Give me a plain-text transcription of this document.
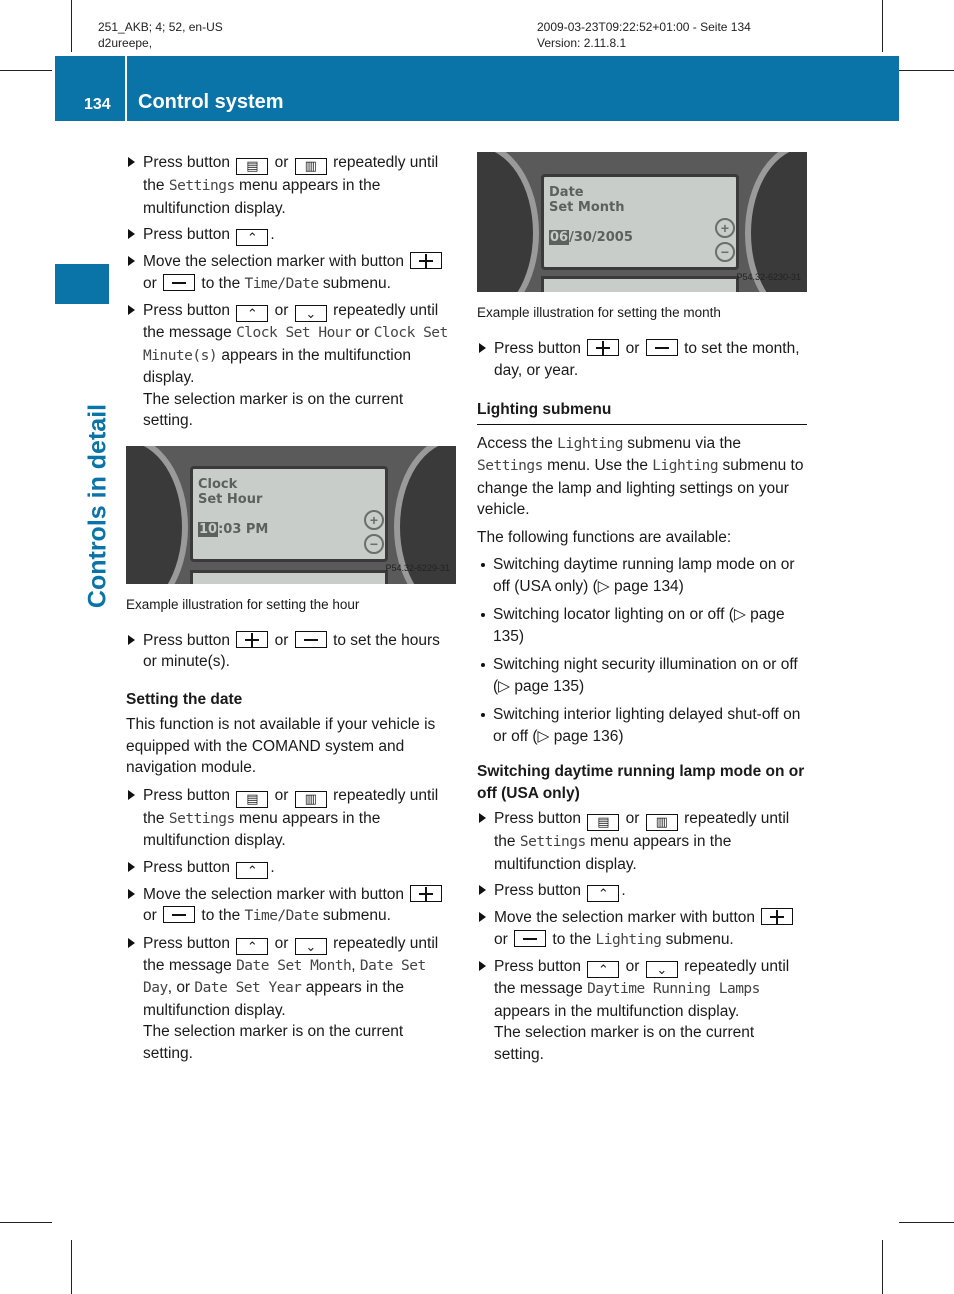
251_AKB; 4; 52, en-US
d2ureepe,
2009-03-23T09:22:52+01:00 - Seite 134
Version: 2.11.8.1
134 Control system
Controls in detail
Press button ▤ or ▥ repeatedly until the Settings menu appears in the multifunction display.
Press button ⌃ .
Move the selection marker with button
or	to the Time/Date submenu.
Press button ⌃ or ⌄ repeatedly until the message Clock Set Hour or Clock Set Minute(s) appears in the multifunction display.
The selection marker is on the current setting.
Clock
Set Hour
10:03 PM
+
−
P54.32-6229-31
Example illustration for setting the hour
Press button	or	to set the hours or minute(s).
Setting the date

This function is not available if your vehicle is equipped with the COMAND system and navigation module.

Press button ▤ or ▥ repeatedly until the Settings menu appears in the multifunction display.
Press button ⌃ .
Move the selection marker with button
or	to the Time/Date submenu.
Press button ⌃ or ⌄ repeatedly until the message Date Set Month, Date Set Day, or Date Set Year appears in the multifunction display.
The selection marker is on the current setting.
Date
Set Month
06/30/2005
+
−
P54.32-6230-31
Example illustration for setting the month
Press button	or	to set the month, day, or year.
Lighting submenu

Access the Lighting submenu via the Settings menu. Use the Lighting submenu to change the lamp and lighting settings on your vehicle.

The following functions are available:

Switching daytime running lamp mode on or off (USA only) (▷ page 134)
Switching locator lighting on or off (▷ page 135)
Switching night security illumination on or off (▷ page 135)
Switching interior lighting delayed shut-off on or off (▷ page 136)
Switching daytime running lamp mode on or off (USA only)
Press button ▤ or ▥ repeatedly until the Settings menu appears in the multifunction display.
Press button ⌃ .
Move the selection marker with button
or	to the Lighting submenu.
Press button ⌃ or ⌄ repeatedly until the message Daytime Running Lamps appears in the multifunction display.
The selection marker is on the current setting.
